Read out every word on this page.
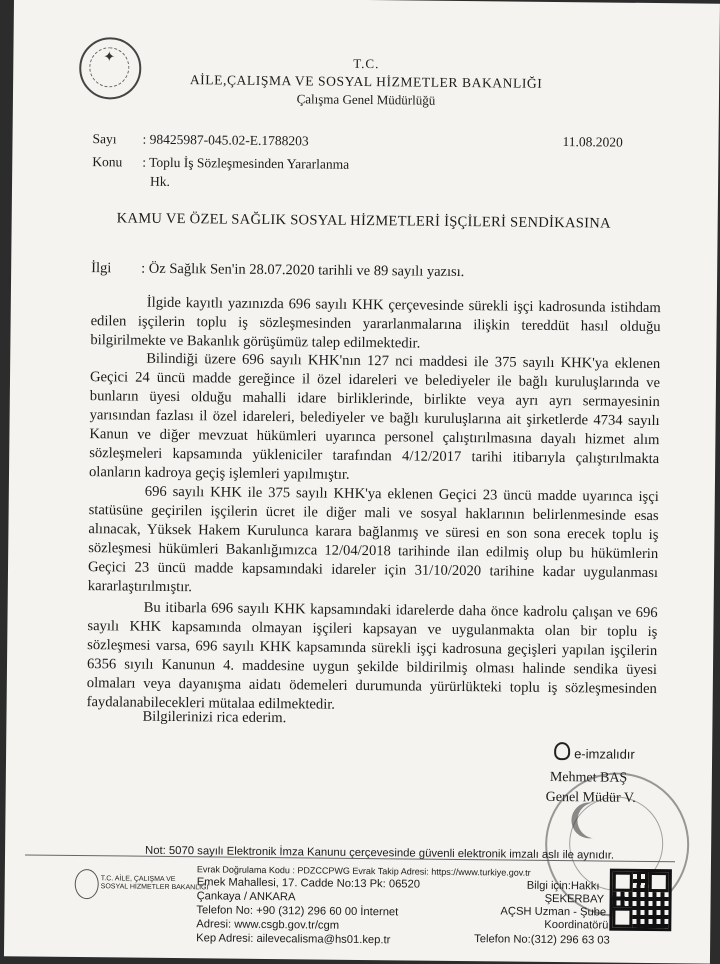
✦	T.C.
AİLE,ÇALIŞMA VE SOSYAL HİZMETLER BAKANLIĞI
Çalışma Genel Müdürlüğü
Sayı : 98425987-045.02-E.1788203	11.08.2020
Konu : Toplu İş Sözleşmesinden Yararlanma
Hk.
KAMU VE ÖZEL SAĞLIK SOSYAL HİZMETLERİ İŞÇİLERİ SENDİKASINA
İlgi : Öz Sağlık Sen'in 28.07.2020 tarihli ve 89 sayılı yazısı.
İlgide kayıtlı yazınızda 696 sayılı KHK çerçevesinde sürekli işçi kadrosunda istihdam
edilen işçilerin toplu iş sözleşmesinden yararlanmalarına ilişkin tereddüt hasıl olduğu
bilgirilmekte ve Bakanlık görüşümüz talep edilmektedir.
Bilindiği üzere 696 sayılı KHK'nın 127 nci maddesi ile 375 sayılı KHK'ya eklenen
Geçici 24 üncü madde gereğince il özel idareleri ve belediyeler ile bağlı kuruluşlarında ve
bunların üyesi olduğu mahalli idare birliklerinde, birlikte veya ayrı ayrı sermayesinin
yarısından fazlası il özel idareleri, belediyeler ve bağlı kuruluşlarına ait şirketlerde 4734 sayılı
Kanun ve diğer mevzuat hükümleri uyarınca personel çalıştırılmasına dayalı hizmet alım
sözleşmeleri kapsamında yükleniciler tarafından 4/12/2017 tarihi itibarıyla çalıştırılmakta
olanların kadroya geçiş işlemleri yapılmıştır.
696 sayılı KHK ile 375 sayılı KHK'ya eklenen Geçici 23 üncü madde uyarınca işçi
statüsüne geçirilen işçilerin ücret ile diğer mali ve sosyal haklarının belirlenmesinde esas
alınacak, Yüksek Hakem Kurulunca karara bağlanmış ve süresi en son sona erecek toplu iş
sözleşmesi hükümleri Bakanlığımızca 12/04/2018 tarihinde ilan edilmiş olup bu hükümlerin
Geçici 23 üncü madde kapsamındaki idareler için 31/10/2020 tarihine kadar uygulanması
kararlaştırılmıştır.
Bu itibarla 696 sayılı KHK kapsamındaki idarelerde daha önce kadrolu çalışan ve 696
sayılı KHK kapsamında olmayan işçileri kapsayan ve uygulanmakta olan bir toplu iş
sözleşmesi varsa, 696 sayılı KHK kapsamında sürekli işçi kadrosuna geçişleri yapılan işçilerin
6356 sıyılı Kanunun 4. maddesine uygun şekilde bildirilmiş olması halinde sendika üyesi
olmaları veya dayanışma aidatı ödemeleri durumunda yürürlükteki toplu iş sözleşmesinden
faydalanabilecekleri mütalaa edilmektedir.
Bilgilerinizi rica ederim.
e-imzalıdır
Mehmet BAŞ
Genel Müdür V.
Not: 5070 sayılı Elektronik İmza Kanunu çerçevesinde güvenli elektronik imzalı aslı ile aynıdır.
T.C. AİLE, ÇALIŞMA VE
SOSYAL HİZMETLER BAKANLIĞI
Evrak Doğrulama Kodu : PDZCCPWG Evrak Takip Adresi: https://www.turkiye.gov.tr
Emek Mahallesi, 17. Cadde No:13 Pk: 06520
Çankaya / ANKARA
Telefon No: +90 (312) 296 60 00 İnternet
Adresi: www.csgb.gov.tr/cgm
Kep Adresi: ailevecalisma@hs01.kep.tr
Bilgi için:Hakkı
ŞEKERBAY
AÇSH Uzman - Şube
Koordinatörü
Telefon No:(312) 296 63 03
